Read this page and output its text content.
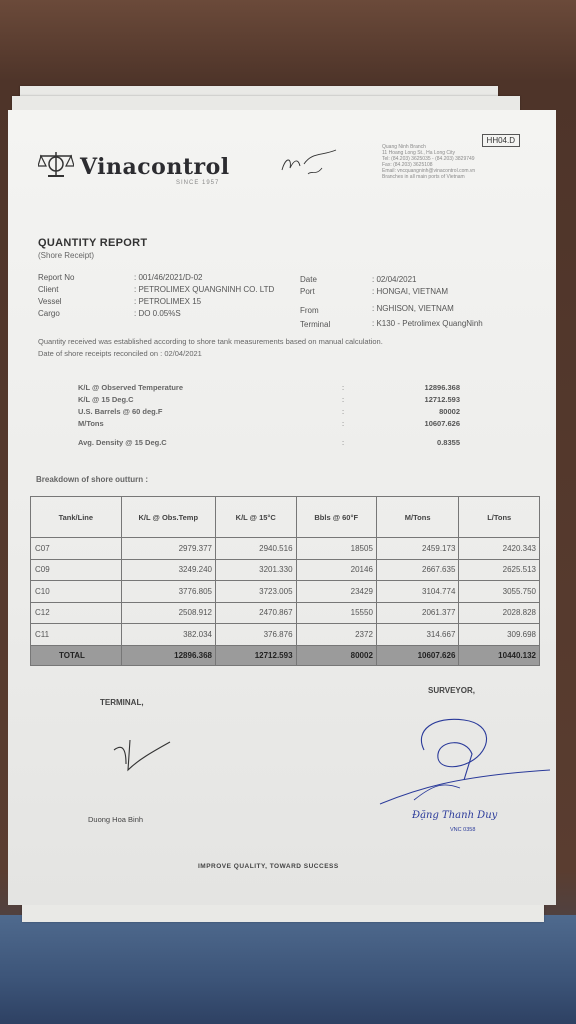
Vinacontrol
SINCE 1957
HH04.D
Quang Ninh Branch
11 Hoang Long St., Ha Long City
Tel: (84.203) 3625035 - (84.203) 3829749
Fax: (84.203) 3625108
Email: vncquangninh@vinacontrol.com.vn
Branches in all main ports of Vietnam
QUANTITY REPORT
(Shore Receipt)
Report No	: 001/46/2021/D-02
Client	: PETROLIMEX QUANGNINH CO. LTD
Vessel	: PETROLIMEX 15
Cargo	: DO 0.05%S
Date	: 02/04/2021
Port	: HONGAI, VIETNAM
From	: NGHISON, VIETNAM
Terminal	: K130 - Petrolimex QuangNinh
Quantity received was established according to shore tank measurements based on manual calculation.
Date of shore receipts reconciled on : 02/04/2021
K/L @ Observed Temperature	:	12896.368
K/L @ 15 Deg.C	:	12712.593
U.S. Barrels @ 60 deg.F	:	80002
M/Tons	:	10607.626
Avg. Density @ 15 Deg.C	:	0.8355
Breakdown of shore outturn :
Tank/Line	K/L @ Obs.Temp	K/L @ 15°C	Bbls @ 60°F	M/Tons	L/Tons
C07	2979.377	2940.516	18505	2459.173	2420.343
C09	3249.240	3201.330	20146	2667.635	2625.513
C10	3776.805	3723.005	23429	3104.774	3055.750
C12	2508.912	2470.867	15550	2061.377	2028.828
C11	382.034	376.876	2372	314.667	309.698
TOTAL	12896.368	12712.593	80002	10607.626	10440.132
TERMINAL,
SURVEYOR,
Duong Hoa Binh	Đặng Thanh Duy
VNC 0358
IMPROVE QUALITY, TOWARD SUCCESS
